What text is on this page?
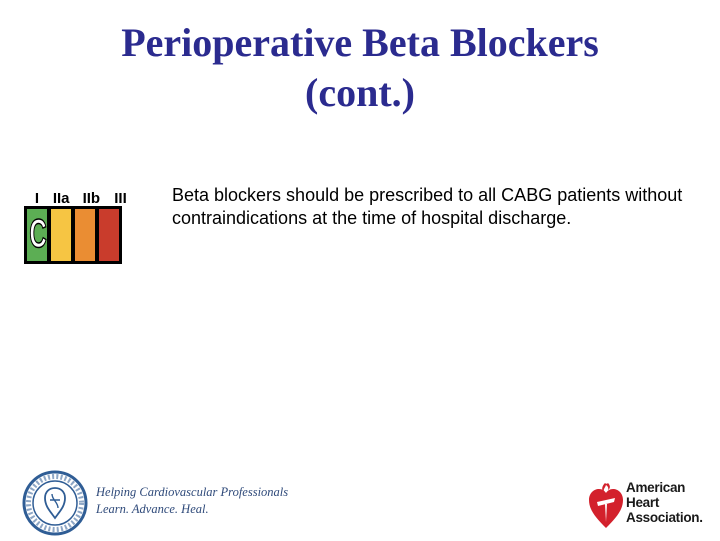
Perioperative Beta Blockers
(cont.)
I IIa IIb III
C
Beta blockers should be prescribed to all CABG patients without contraindications at the time of hospital discharge.
Helping Cardiovascular Professionals
Learn. Advance. Heal.
American
Heart
Association.
